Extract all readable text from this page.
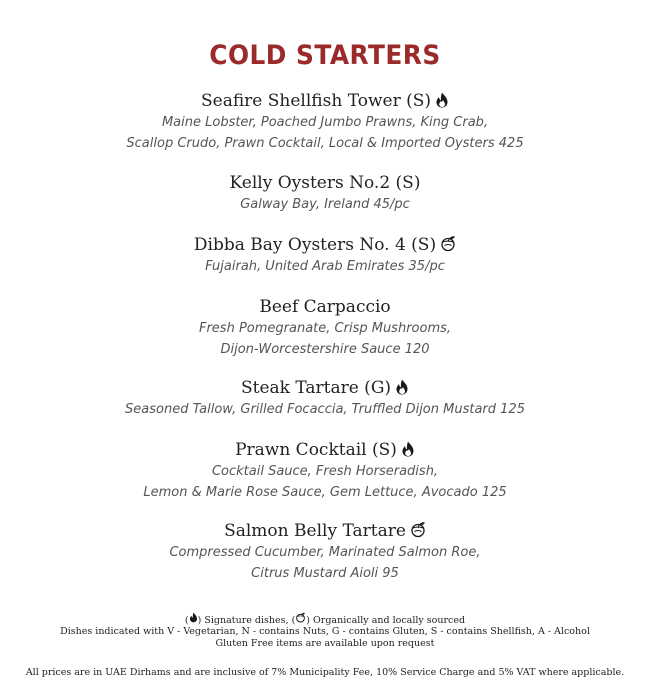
COLD STARTERS
Seafire Shellfish Tower (S)
Maine Lobster, Poached Jumbo Prawns, King Crab,
Scallop Crudo, Prawn Cocktail, Local & Imported Oysters 425
Kelly Oysters No.2 (S)
Galway Bay, Ireland 45/pc
Dibba Bay Oysters No. 4 (S)
Fujairah, United Arab Emirates 35/pc
Beef Carpaccio
Fresh Pomegranate, Crisp Mushrooms,
Dijon-Worcestershire Sauce 120
Steak Tartare (G)
Seasoned Tallow, Grilled Focaccia, Truffled Dijon Mustard 125
Prawn Cocktail (S)
Cocktail Sauce, Fresh Horseradish,
Lemon & Marie Rose Sauce, Gem Lettuce, Avocado 125
Salmon Belly Tartare
Compressed Cucumber, Marinated Salmon Roe,
Citrus Mustard Aioli 95
( ) Signature dishes, ( ) Organically and locally sourced
Dishes indicated with V - Vegetarian, N - contains Nuts, G - contains Gluten, S - contains Shellfish, A - Alcohol
Gluten Free items are available upon request
All prices are in UAE Dirhams and are inclusive of 7% Municipality Fee, 10% Service Charge and 5% VAT where applicable.
